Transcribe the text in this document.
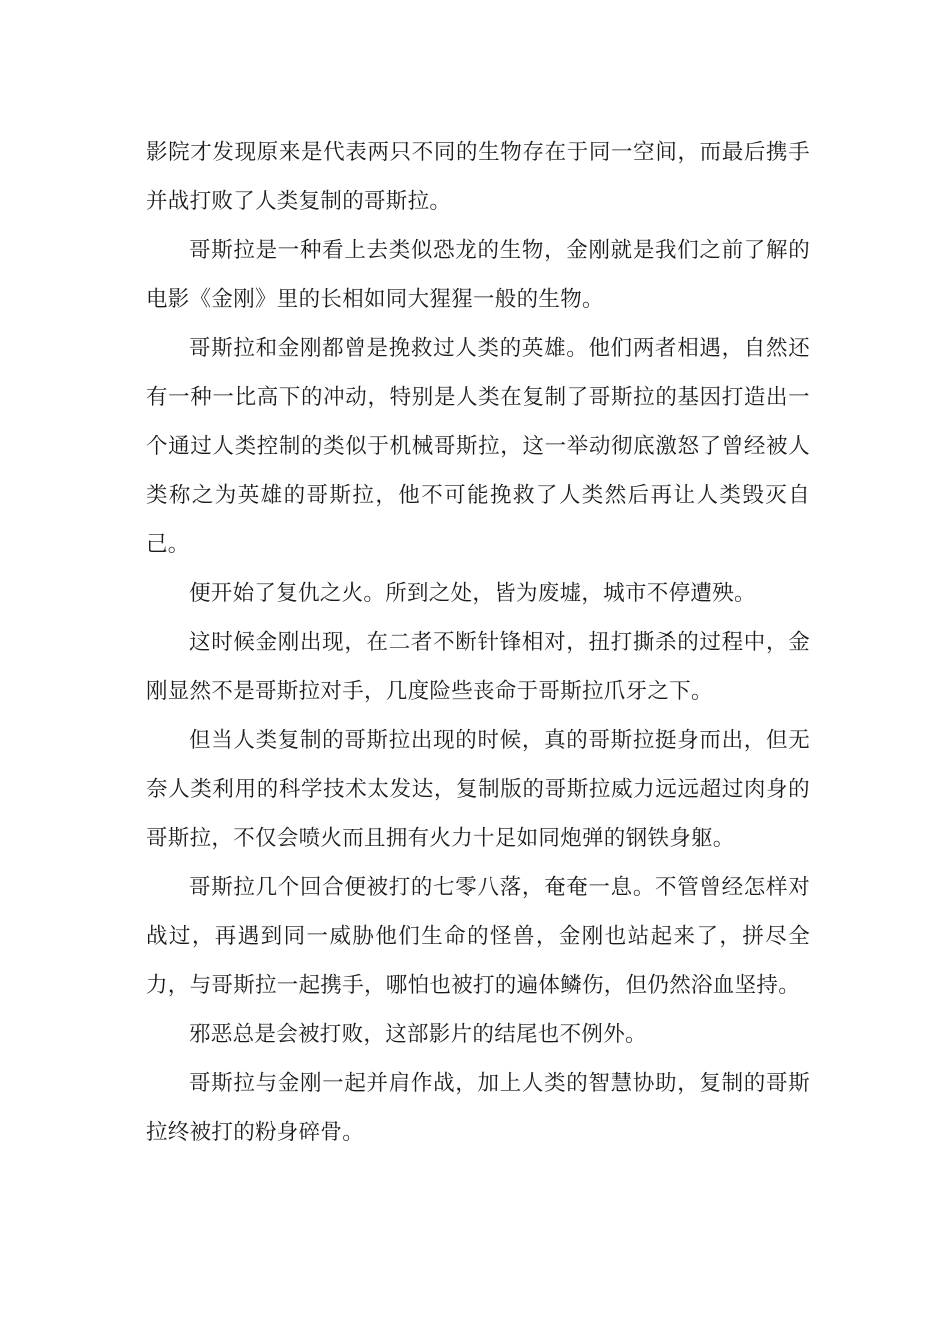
影院才发现原来是代表两只不同的生物存在于同一空间，而最后携手并战打败了人类复制的哥斯拉。

哥斯拉是一种看上去类似恐龙的生物，金刚就是我们之前了解的电影《金刚》里的长相如同大猩猩一般的生物。

哥斯拉和金刚都曾是挽救过人类的英雄。他们两者相遇，自然还有一种一比高下的冲动，特别是人类在复制了哥斯拉的基因打造出一个通过人类控制的类似于机械哥斯拉，这一举动彻底激怒了曾经被人类称之为英雄的哥斯拉，他不可能挽救了人类然后再让人类毁灭自己。

便开始了复仇之火。所到之处，皆为废墟，城市不停遭殃。

这时候金刚出现，在二者不断针锋相对，扭打撕杀的过程中，金刚显然不是哥斯拉对手，几度险些丧命于哥斯拉爪牙之下。

但当人类复制的哥斯拉出现的时候，真的哥斯拉挺身而出，但无奈人类利用的科学技术太发达，复制版的哥斯拉威力远远超过肉身的哥斯拉，不仅会喷火而且拥有火力十足如同炮弹的钢铁身躯。

哥斯拉几个回合便被打的七零八落，奄奄一息。不管曾经怎样对战过，再遇到同一威胁他们生命的怪兽，金刚也站起来了，拼尽全力，与哥斯拉一起携手，哪怕也被打的遍体鳞伤，但仍然浴血坚持。

邪恶总是会被打败，这部影片的结尾也不例外。

哥斯拉与金刚一起并肩作战，加上人类的智慧协助，复制的哥斯拉终被打的粉身碎骨。
